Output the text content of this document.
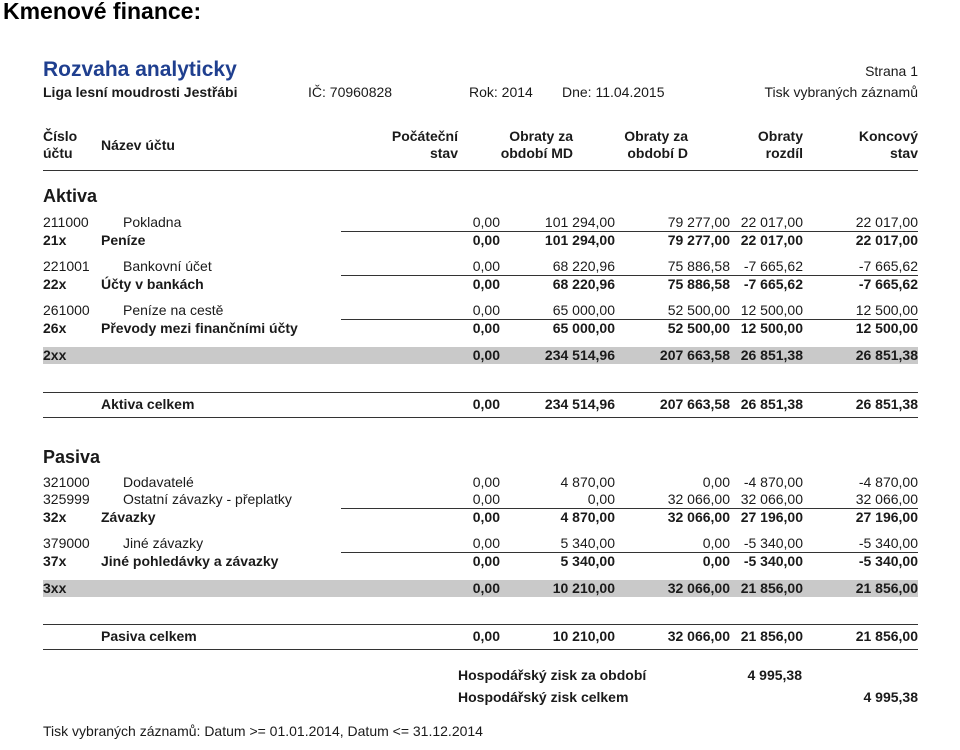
Kmenové finance:
Rozvaha analyticky	Strana 1
Liga lesní moudrosti Jestřábi	IČ: 70960828	Rok: 2014 Dne: 11.04.2015	Tisk vybraných záznamů
Číslo
účtu	Název účtu
Počáteční
stav
Obraty za
období MD
Obraty za
období D
Obraty
rozdíl
Koncový
stav
Aktiva
211000 Pokladna	0,00	101 294,00	79 277,00 22 017,00	22 017,00
21x Peníze	0,00	101 294,00	79 277,00 22 017,00	22 017,00
221001 Bankovní účet	0,00	68 220,96	75 886,58 -7 665,62	-7 665,62
22x Účty v bankách	0,00	68 220,96	75 886,58 -7 665,62	-7 665,62
261000 Peníze na cestě	0,00	65 000,00	52 500,00 12 500,00	12 500,00
26x Převody mezi finančními účty	0,00	65 000,00	52 500,00 12 500,00	12 500,00
2xx	0,00	234 514,96	207 663,58 26 851,38	26 851,38
Aktiva celkem	0,00	234 514,96	207 663,58 26 851,38	26 851,38
Pasiva
321000 Dodavatelé	0,00	4 870,00	0,00 -4 870,00	-4 870,00
325999 Ostatní závazky - přeplatky	0,00	0,00	32 066,00 32 066,00	32 066,00
32x Závazky	0,00	4 870,00	32 066,00 27 196,00	27 196,00
379000 Jiné závazky	0,00	5 340,00	0,00 -5 340,00	-5 340,00
37x Jiné pohledávky a závazky	0,00	5 340,00	0,00 -5 340,00	-5 340,00
3xx	0,00	10 210,00	32 066,00 21 856,00	21 856,00
Pasiva celkem	0,00	10 210,00	32 066,00 21 856,00	21 856,00
Hospodářský zisk za období	4 995,38
Hospodářský zisk celkem	4 995,38
Tisk vybraných záznamů: Datum >= 01.01.2014, Datum <= 31.12.2014
